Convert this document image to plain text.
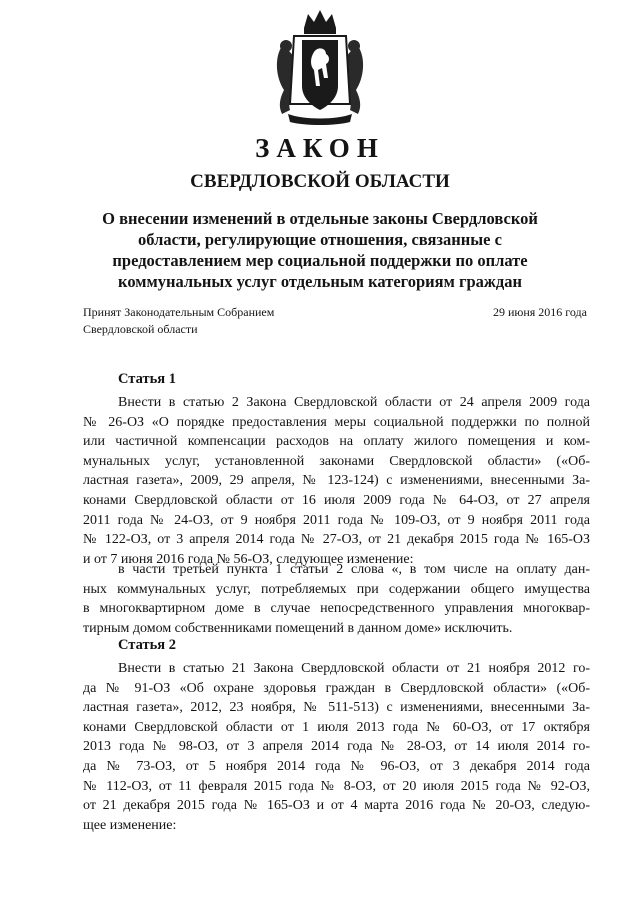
ЗАКОН
СВЕРДЛОВСКОЙ ОБЛАСТИ
О внесении изменений в отдельные законы Свердловской
области, регулирующие отношения, связанные с
предоставлением мер социальной поддержки по оплате
коммунальных услуг отдельным категориям граждан
Принят Законодательным Собранием
Свердловской области
29 июня 2016 года
Статья 1
Внести в статью 2 Закона Свердловской области от 24 апреля 2009 года
№ 26-ОЗ «О порядке предоставления меры социальной поддержки по полной
или частичной компенсации расходов на оплату жилого помещения и ком-
мунальных услуг, установленной законами Свердловской области» («Об-
ластная газета», 2009, 29 апреля, № 123-124) с изменениями, внесенными За-
конами Свердловской области от 16 июля 2009 года № 64-ОЗ, от 27 апреля
2011 года № 24-ОЗ, от 9 ноября 2011 года № 109-ОЗ, от 9 ноября 2011 года
№ 122-ОЗ, от 3 апреля 2014 года № 27-ОЗ, от 21 декабря 2015 года № 165-ОЗ
и от 7 июня 2016 года № 56-ОЗ, следующее изменение:
в части третьей пункта 1 статьи 2 слова «, в том числе на оплату дан-
ных коммунальных услуг, потребляемых при содержании общего имущества
в многоквартирном доме в случае непосредственного управления многоквар-
тирным домом собственниками помещений в данном доме» исключить.
Статья 2
Внести в статью 21 Закона Свердловской области от 21 ноября 2012 го-
да № 91-ОЗ «Об охране здоровья граждан в Свердловской области» («Об-
ластная газета», 2012, 23 ноября, № 511-513) с изменениями, внесенными За-
конами Свердловской области от 1 июля 2013 года № 60-ОЗ, от 17 октября
2013 года № 98-ОЗ, от 3 апреля 2014 года № 28-ОЗ, от 14 июля 2014 го-
да № 73-ОЗ, от 5 ноября 2014 года № 96-ОЗ, от 3 декабря 2014 года
№ 112-ОЗ, от 11 февраля 2015 года № 8-ОЗ, от 20 июля 2015 года № 92-ОЗ,
от 21 декабря 2015 года № 165-ОЗ и от 4 марта 2016 года № 20-ОЗ, следую-
щее изменение:
